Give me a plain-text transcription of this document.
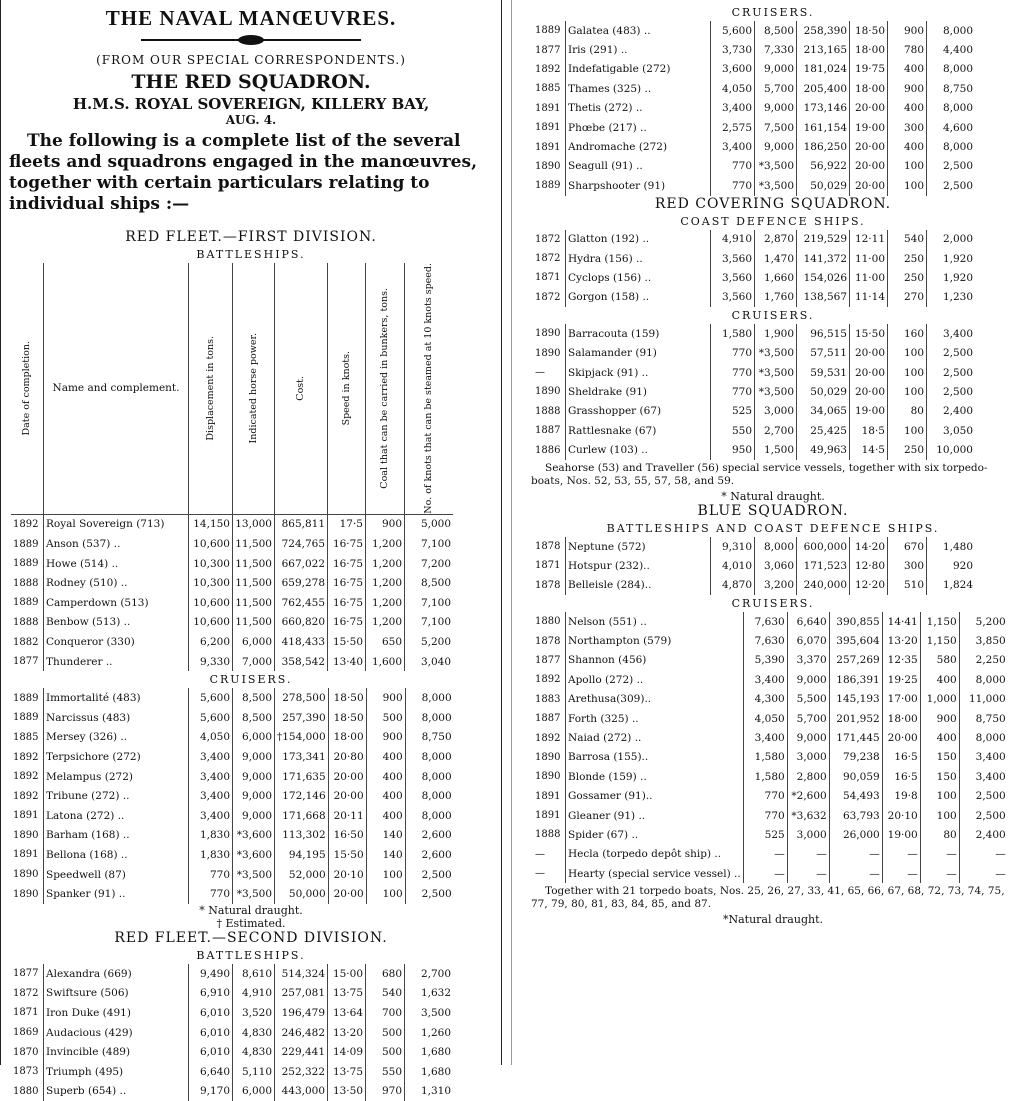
THE NAVAL MANŒUVRES.
(FROM OUR SPECIAL CORRESPONDENTS.)
THE RED SQUADRON.
H.M.S. ROYAL SOVEREIGN, KILLERY BAY,
AUG. 4.
The following is a complete list of the several fleets and squadrons engaged in the manœuvres, together with certain particulars relating to individual ships :—
RED FLEET.—FIRST DIVISION.
BATTLESHIPS.
Date of completion.	Name and complement.	Displacement in tons.	Indicated horse power.	Cost.	Speed in knots.	Coal that can be carried in bunkers, tons.	No. of knots that can be steamed at 10 knots speed.

1892	Royal Sovereign (713)	14,150	13,000	865,811	17·5	900	5,000
1889	Anson (537) ..	10,600	11,500	724,765	16·75	1,200	7,100
1889	Howe (514) ..	10,300	11,500	667,022	16·75	1,200	7,200
1888	Rodney (510) ..	10,300	11,500	659,278	16·75	1,200	8,500
1889	Camperdown (513)	10,600	11,500	762,455	16·75	1,200	7,100
1888	Benbow (513) ..	10,600	11,500	660,820	16·75	1,200	7,100
1882	Conqueror (330)	6,200	6,000	418,433	15·50	650	5,200
1877	Thunderer ..	9,330	7,000	358,542	13·40	1,600	3,040
CRUISERS.
1889	Immortalité (483)	5,600	8,500	278,500	18·50	900	8,000
1889	Narcissus (483)	5,600	8,500	257,390	18·50	500	8,000
1885	Mersey (326) ..	4,050	6,000	†154,000	18·00	900	8,750
1892	Terpsichore (272)	3,400	9,000	173,341	20·80	400	8,000
1892	Melampus (272)	3,400	9,000	171,635	20·00	400	8,000
1892	Tribune (272) ..	3,400	9,000	172,146	20·00	400	8,000
1891	Latona (272) ..	3,400	9,000	171,668	20·11	400	8,000
1890	Barham (168) ..	1,830	*3,600	113,302	16·50	140	2,600
1891	Bellona (168) ..	1,830	*3,600	94,195	15·50	140	2,600
1890	Speedwell (87)	770	*3,500	52,000	20·10	100	2,500
1890	Spanker (91) ..	770	*3,500	50,000	20·00	100	2,500
* Natural draught.
† Estimated.
RED FLEET.—SECOND DIVISION.
BATTLESHIPS.
1877	Alexandra (669)	9,490	8,610	514,324	15·00	680	2,700
1872	Swiftsure (506)	6,910	4,910	257,081	13·75	540	1,632
1871	Iron Duke (491)	6,010	3,520	196,479	13·64	700	3,500
1869	Audacious (429)	6,010	4,830	246,482	13·20	500	1,260
1870	Invincible (489)	6,010	4,830	229,441	14·09	500	1,680
1873	Triumph (495)	6,640	5,110	252,322	13·75	550	1,680
1880	Superb (654) ..	9,170	6,000	443,000	13·50	970	1,310
CRUISERS.
1889	Galatea (483) ..	5,600	8,500	258,390	18·50	900	8,000
1877	Iris (291) ..	3,730	7,330	213,165	18·00	780	4,400
1892	Indefatigable (272)	3,600	9,000	181,024	19·75	400	8,000
1885	Thames (325) ..	4,050	5,700	205,400	18·00	900	8,750
1891	Thetis (272) ..	3,400	9,000	173,146	20·00	400	8,000
1891	Phœbe (217) ..	2,575	7,500	161,154	19·00	300	4,600
1891	Andromache (272)	3,400	9,000	186,250	20·00	400	8,000
1890	Seagull (91) ..	770	*3,500	56,922	20·00	100	2,500
1889	Sharpshooter (91)	770	*3,500	50,029	20·00	100	2,500
RED COVERING SQUADRON.
COAST DEFENCE SHIPS.
1872	Glatton (192) ..	4,910	2,870	219,529	12·11	540	2,000
1872	Hydra (156) ..	3,560	1,470	141,372	11·00	250	1,920
1871	Cyclops (156) ..	3,560	1,660	154,026	11·00	250	1,920
1872	Gorgon (158) ..	3,560	1,760	138,567	11·14	270	1,230
CRUISERS.
1890	Barracouta (159)	1,580	1,900	96,515	15·50	160	3,400
1890	Salamander (91)	770	*3,500	57,511	20·00	100	2,500
—	Skipjack (91) ..	770	*3,500	59,531	20·00	100	2,500
1890	Sheldrake (91)	770	*3,500	50,029	20·00	100	2,500
1888	Grasshopper (67)	525	3,000	34,065	19·00	80	2,400
1887	Rattlesnake (67)	550	2,700	25,425	18·5	100	3,050
1886	Curlew (103) ..	950	1,500	49,963	14·5	250	10,000
Seahorse (53) and Traveller (56) special service vessels, together with six torpedo-boats, Nos. 52, 53, 55, 57, 58, and 59.
* Natural draught.
BLUE SQUADRON.
BATTLESHIPS AND COAST DEFENCE SHIPS.
1878	Neptune (572)	9,310	8,000	600,000	14·20	670	1,480
1871	Hotspur (232)..	4,010	3,060	171,523	12·80	300	920
1878	Belleisle (284)..	4,870	3,200	240,000	12·20	510	1,824
CRUISERS.
1880	Nelson (551) ..	7,630	6,640	390,855	14·41	1,150	5,200
1878	Northampton (579)	7,630	6,070	395,604	13·20	1,150	3,850
1877	Shannon (456)	5,390	3,370	257,269	12·35	580	2,250
1892	Apollo (272) ..	3,400	9,000	186,391	19·25	400	8,000
1883	Arethusa(309)..	4,300	5,500	145,193	17·00	1,000	11,000
1887	Forth (325) ..	4,050	5,700	201,952	18·00	900	8,750
1892	Naiad (272) ..	3,400	9,000	171,445	20·00	400	8,000
1890	Barrosa (155)..	1,580	3,000	79,238	16·5	150	3,400
1890	Blonde (159) ..	1,580	2,800	90,059	16·5	150	3,400
1891	Gossamer (91)..	770	*2,600	54,493	19·8	100	2,500
1891	Gleaner (91) ..	770	*3,632	63,793	20·10	100	2,500
1888	Spider (67) ..	525	3,000	26,000	19·00	80	2,400
—	Hecla (torpedo depôt ship) ..	—	—	—	—	—	—
—	Hearty (special service vessel) ..	—	—	—	—	—	—
Together with 21 torpedo boats, Nos. 25, 26, 27, 33, 41, 65, 66, 67, 68, 72, 73, 74, 75, 77, 79, 80, 81, 83, 84, 85, and 87.
*Natural draught.
